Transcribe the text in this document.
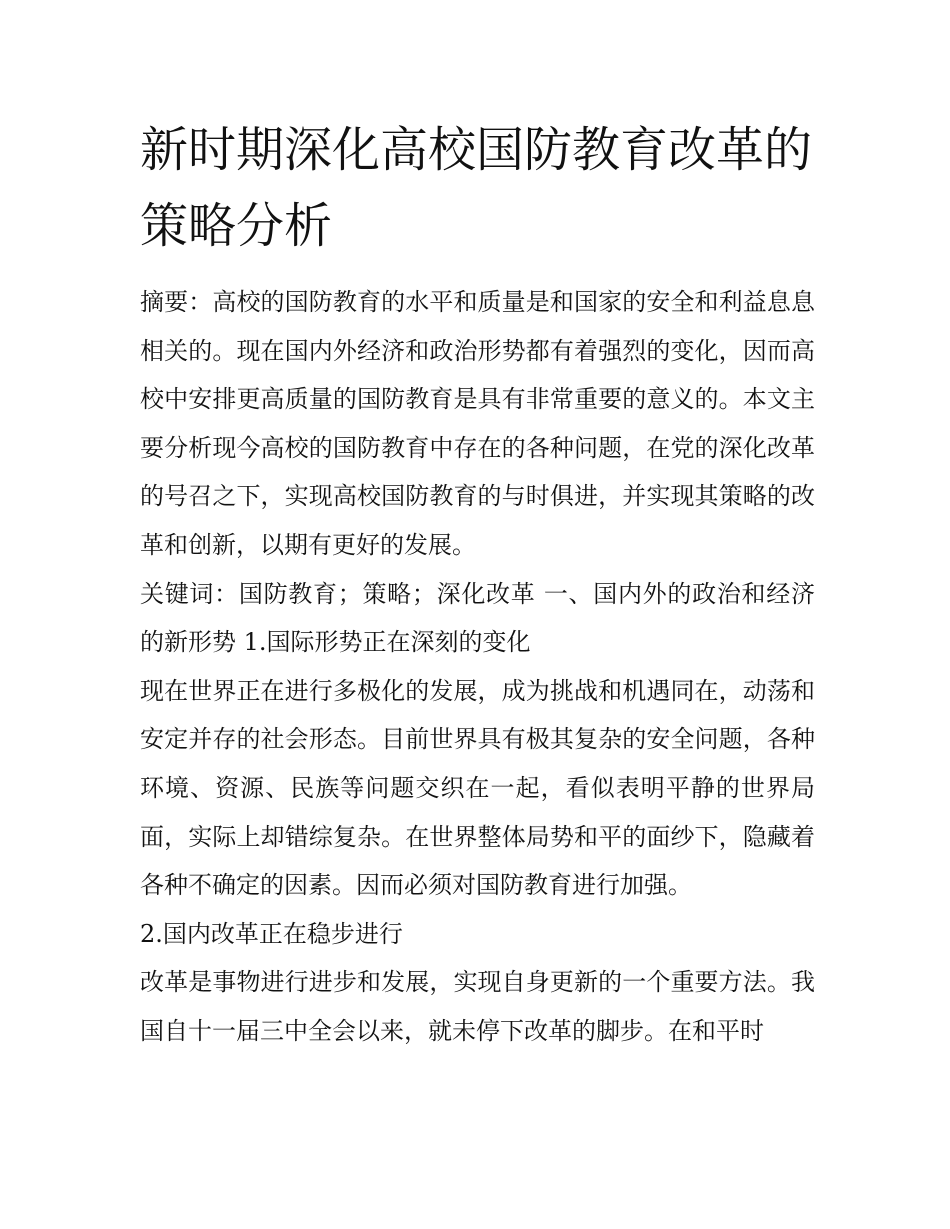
新时期深化高校国防教育改革的策略分析

摘要：高校的国防教育的水平和质量是和国家的安全和利益息息相关的。现在国内外经济和政治形势都有着强烈的变化，因而高校中安排更高质量的国防教育是具有非常重要的意义的。本文主要分析现今高校的国防教育中存在的各种问题，在党的深化改革的号召之下，实现高校国防教育的与时俱进，并实现其策略的改革和创新，以期有更好的发展。

关键词：国防教育；策略；深化改革 一、国内外的政治和经济的新形势 1.国际形势正在深刻的变化

现在世界正在进行多极化的发展，成为挑战和机遇同在，动荡和安定并存的社会形态。目前世界具有极其复杂的安全问题，各种环境、资源、民族等问题交织在一起，看似表明平静的世界局面，实际上却错综复杂。在世界整体局势和平的面纱下，隐藏着各种不确定的因素。因而必须对国防教育进行加强。

2.国内改革正在稳步进行

改革是事物进行进步和发展，实现自身更新的一个重要方法。我国自十一届三中全会以来，就未停下改革的脚步。在和平时
